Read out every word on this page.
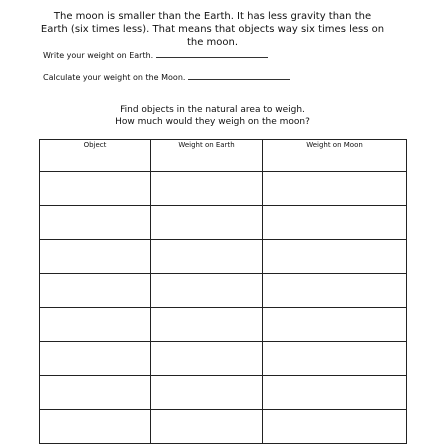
The moon is smaller than the Earth. It has less gravity than the Earth (six times less). That means that objects way six times less on the moon.

Write your weight on Earth.

Calculate your weight on the Moon.

Find objects in the natural area to weigh.
How much would they weigh on the moon?
Object	Weight on Earth	Weight on Moon
